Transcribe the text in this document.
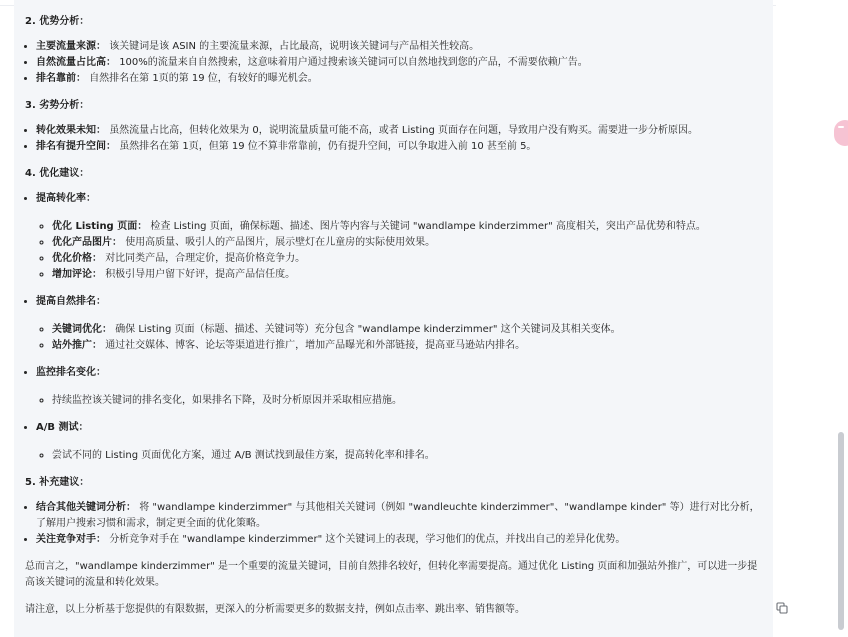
2. 优势分析：
• 主要流量来源： 该关键词是该 ASIN 的主要流量来源，占比最高，说明该关键词与产品相关性较高。
• 自然流量占比高： 100%的流量来自自然搜索，这意味着用户通过搜索该关键词可以自然地找到您的产品，不需要依赖广告。
• 排名靠前： 自然排名在第 1页的第 19 位，有较好的曝光机会。
3. 劣势分析：
• 转化效果未知： 虽然流量占比高，但转化效果为 0，说明流量质量可能不高，或者 Listing 页面存在问题，导致用户没有购买。需要进一步分析原因。
• 排名有提升空间： 虽然排名在第 1页，但第 19 位不算非常靠前，仍有提升空间，可以争取进入前 10 甚至前 5。
4. 优化建议：
• 提高转化率：
◦ 优化 Listing 页面： 检查 Listing 页面，确保标题、描述、图片等内容与关键词 "wandlampe kinderzimmer" 高度相关，突出产品优势和特点。
◦ 优化产品图片： 使用高质量、吸引人的产品图片，展示壁灯在儿童房的实际使用效果。
◦ 优化价格： 对比同类产品，合理定价，提高价格竞争力。
◦ 增加评论： 积极引导用户留下好评，提高产品信任度。
• 提高自然排名：
◦ 关键词优化： 确保 Listing 页面（标题、描述、关键词等）充分包含 "wandlampe kinderzimmer" 这个关键词及其相关变体。
◦ 站外推广： 通过社交媒体、博客、论坛等渠道进行推广，增加产品曝光和外部链接，提高亚马逊站内排名。
• 监控排名变化：
◦ 持续监控该关键词的排名变化，如果排名下降，及时分析原因并采取相应措施。
• A/B 测试：
◦ 尝试不同的 Listing 页面优化方案，通过 A/B 测试找到最佳方案，提高转化率和排名。
5. 补充建议：
• 结合其他关键词分析： 将 "wandlampe kinderzimmer" 与其他相关关键词（例如 "wandleuchte kinderzimmer"、"wandlampe kinder" 等）进行对比分析，了解用户搜索习惯和需求，制定更全面的优化策略。
• 关注竞争对手： 分析竞争对手在 "wandlampe kinderzimmer" 这个关键词上的表现，学习他们的优点，并找出自己的差异化优势。

总而言之，"wandlampe kinderzimmer" 是一个重要的流量关键词，目前自然排名较好，但转化率需要提高。通过优化 Listing 页面和加强站外推广，可以进一步提高该关键词的流量和转化效果。

请注意，以上分析基于您提供的有限数据，更深入的分析需要更多的数据支持，例如点击率、跳出率、销售额等。
